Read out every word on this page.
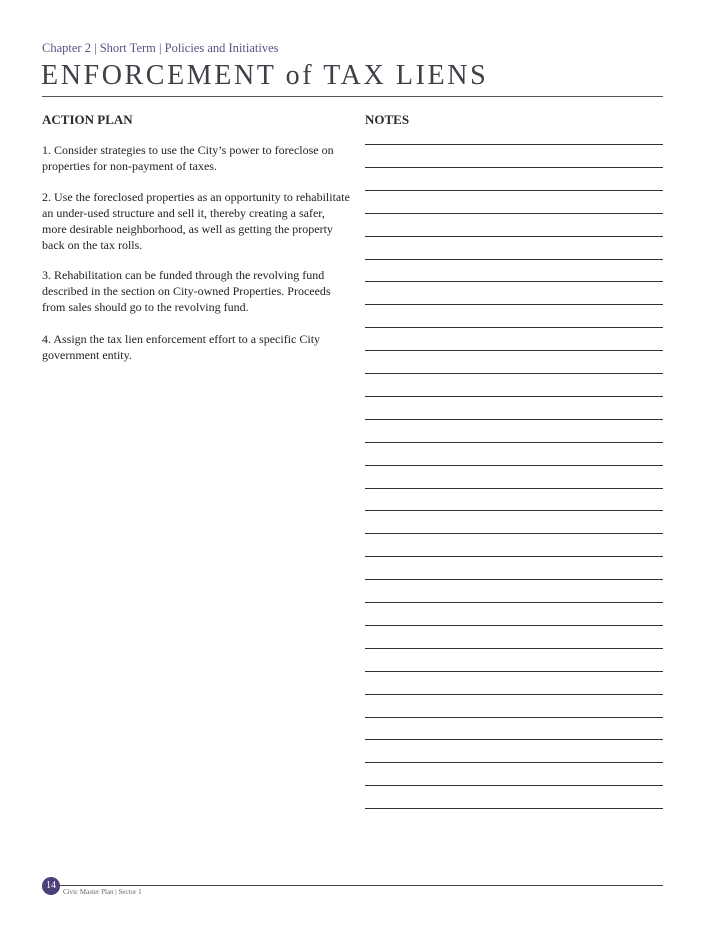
Chapter 2 | Short Term | Policies and Initiatives
ENFORCEMENT of TAX LIENS
ACTION PLAN	NOTES

1. Consider strategies to use the City’s power to foreclose on properties for non-payment of taxes.

2. Use the foreclosed properties as an opportunity to rehabilitate an under-used structure and sell it, thereby creating a safer, more desirable neighborhood, as well as getting the property back on the tax rolls.

3. Rehabilitation can be funded through the revolving fund described in the section on City-owned Properties. Proceeds from sales should go to the revolving fund.

4. Assign the tax lien enforcement effort to a specific City government entity.

14
Civic Master Plan | Sector 1
